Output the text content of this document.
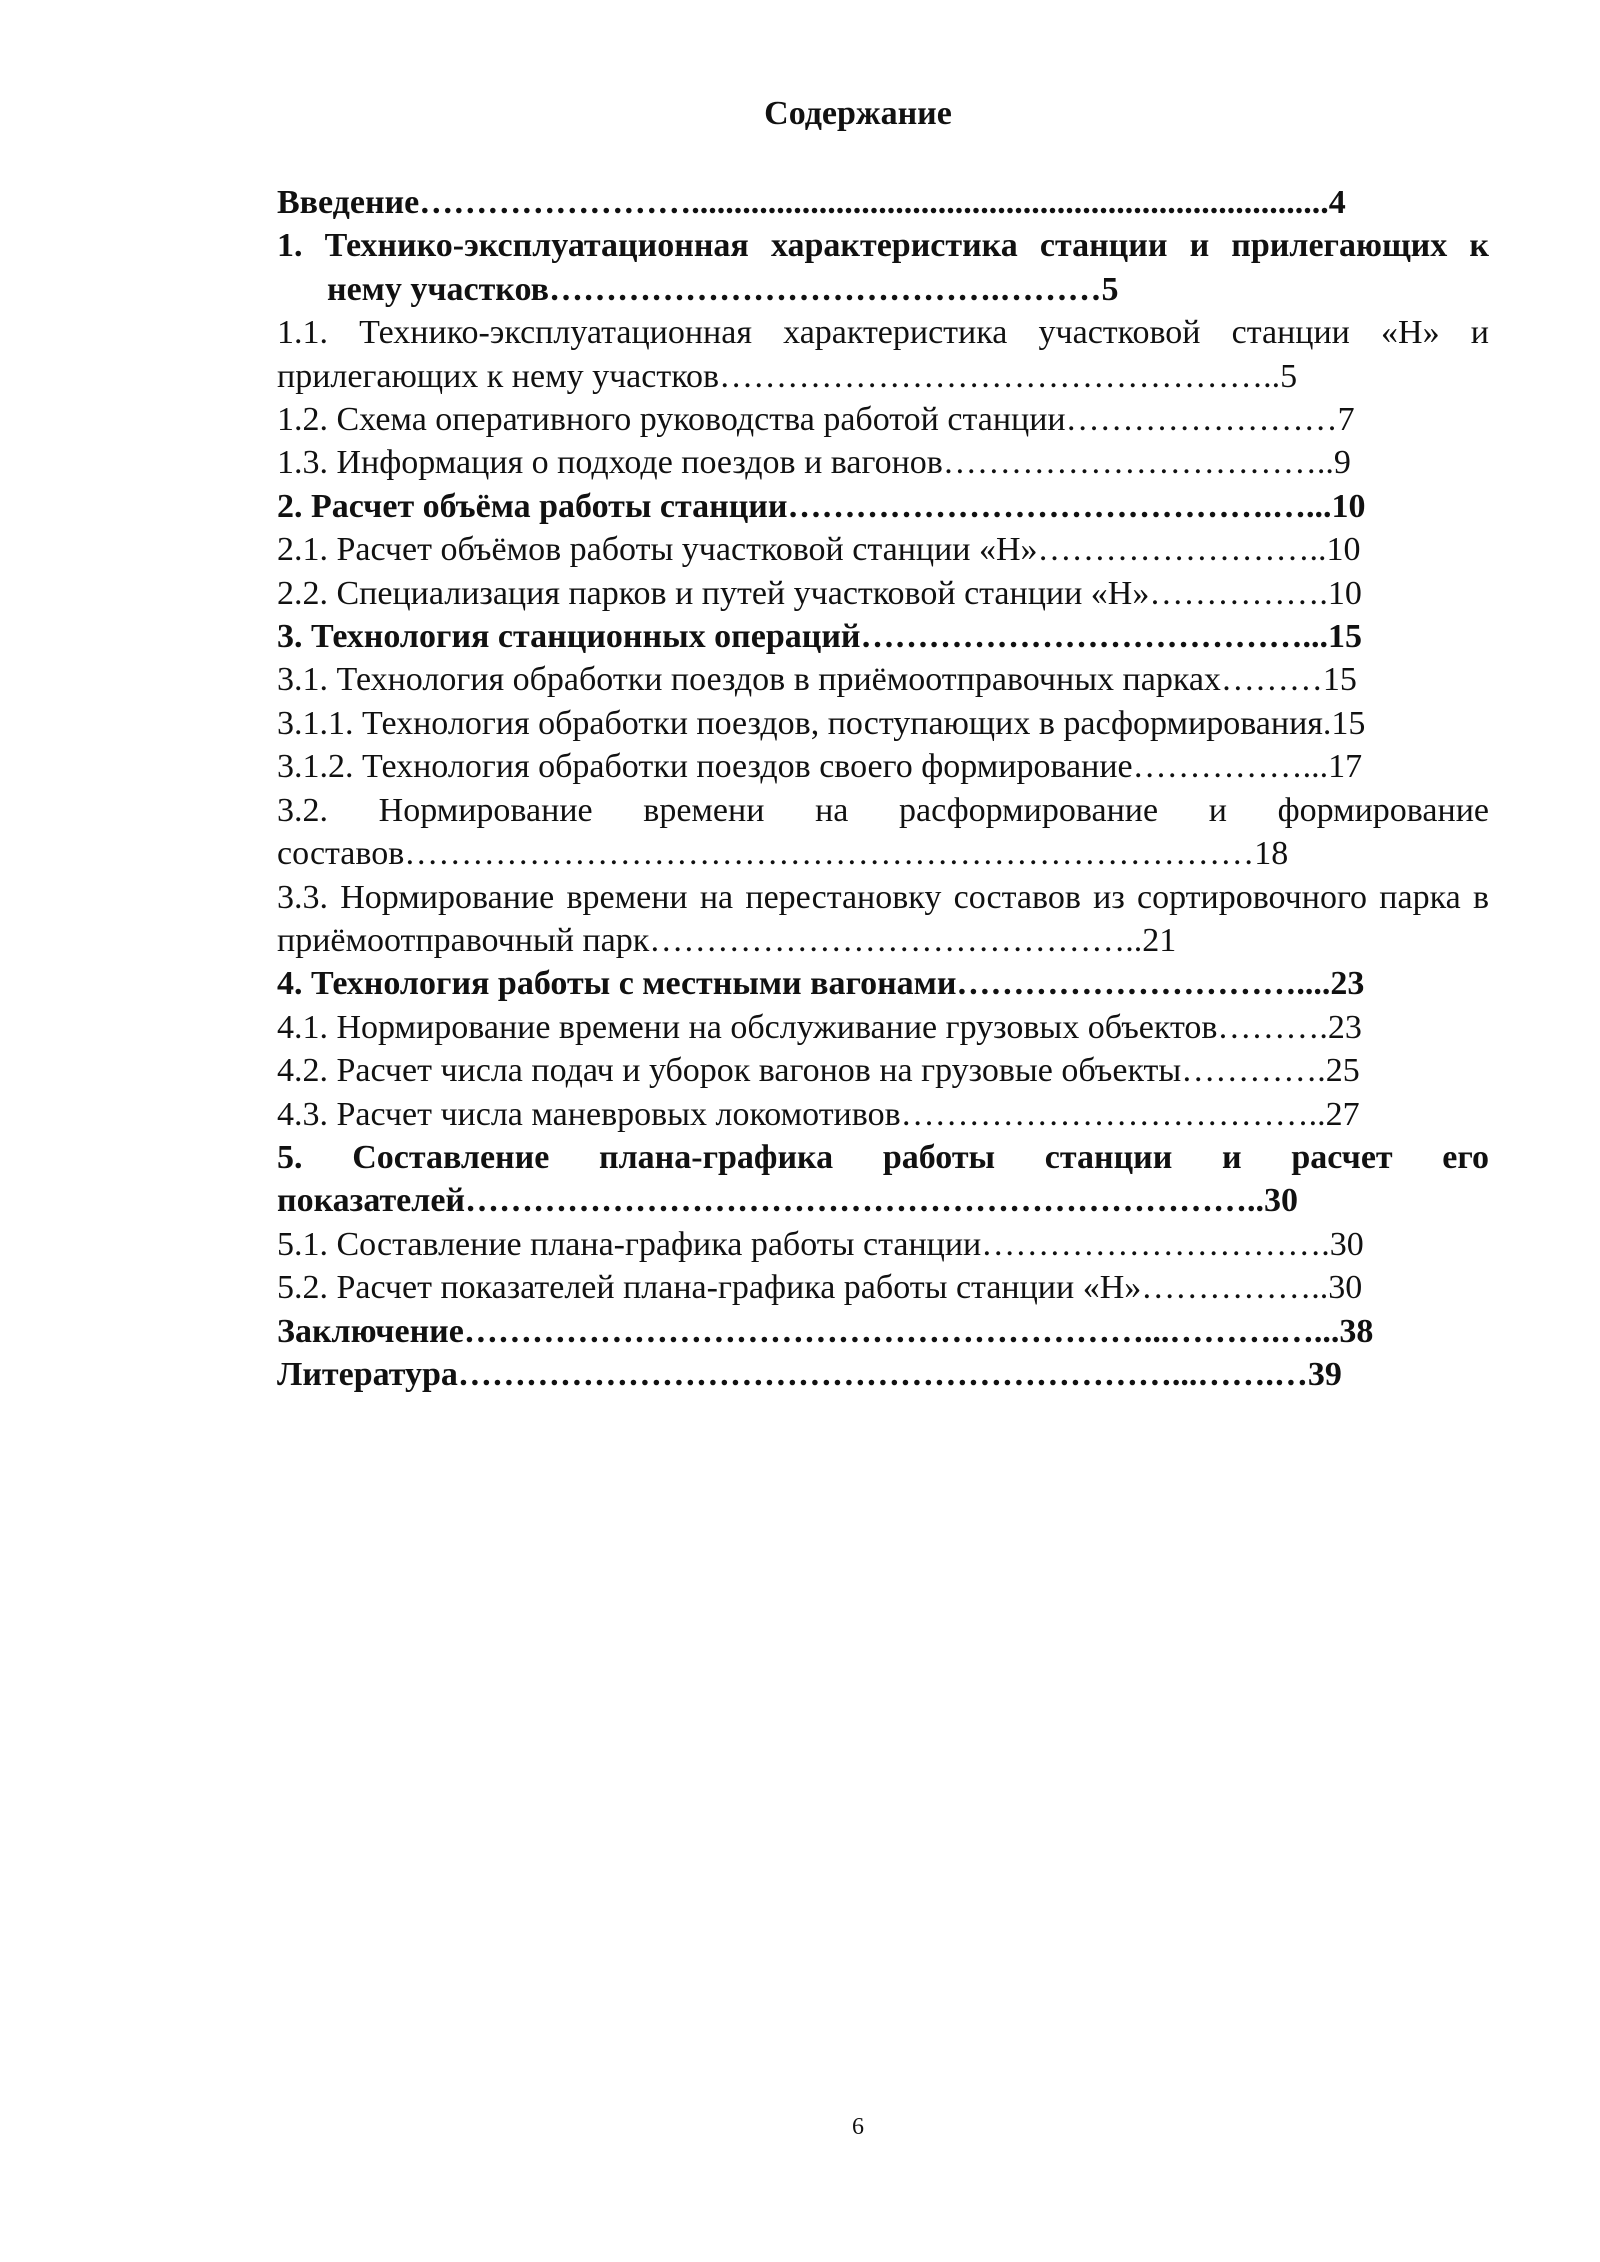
Содержание

Введение……………………...........................................................................4

1. Технико-эксплуатационная характеристика станции и прилегающих к нему участков………………………………….………5

1.1. Технико-эксплуатационная характеристика участковой станции «Н» и прилегающих к нему участков…………………………………………..5

1.2. Схема оперативного руководства работой станции……………………7

1.3. Информация о подходе поездов и вагонов……………………………..9

2. Расчет объёма работы станции…………………………………….…...10

2.1. Расчет объёмов работы участковой станции «Н»……………………..10

2.2. Специализация парков и путей участковой станции «Н»…………….10

3. Технология станционных операций…………………………………...15

3.1. Технология обработки поездов в приёмоотправочных парках………15

3.1.1. Технология обработки поездов, поступающих в расформирования.15

3.1.2. Технология обработки поездов своего формирование……………...17

3.2. Нормирование времени на расформирование и формирование составов…………………………………………………………………18

3.3. Нормирование времени на перестановку составов из сортировочного парка в приёмоотправочный парк……………………………………..21

4. Технология работы с местными вагонами…………………………....23

4.1. Нормирование времени на обслуживание грузовых объектов……….23

4.2. Расчет числа подач и уборок вагонов на грузовые объекты………….25

4.3. Расчет числа маневровых локомотивов………………………………..27

5. Составление плана-графика работы станции и расчет его показателей……………………………………………………………..30

5.1. Составление плана-графика работы станции………………………….30

5.2. Расчет показателей плана-графика работы станции «Н»……………..30

Заключение……………………………………………………...……….…...38

Литература………………………………………………………...…….…39

6
